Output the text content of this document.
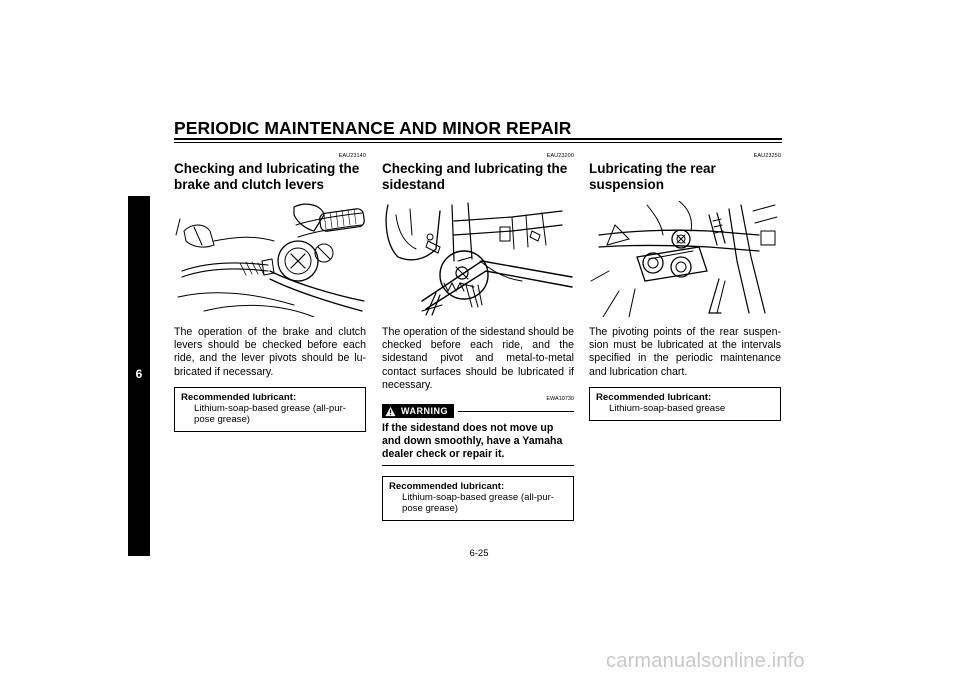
PERIODIC MAINTENANCE AND MINOR REPAIR
6
EAU23140
Checking and lubricating the brake and clutch levers
The operation of the brake and clutch levers should be checked before each ride, and the lever pivots should be lu-bricated if necessary.
Recommended lubricant:
Lithium-soap-based grease (all-pur-pose grease)
EAU23200
Checking and lubricating the sidestand
The operation of the sidestand should be checked before each ride, and the sidestand pivot and metal-to-metal contact surfaces should be lubricated if necessary.
EWA10730
WARNING
If the sidestand does not move up and down smoothly, have a Yamaha dealer check or repair it.
Recommended lubricant:
Lithium-soap-based grease (all-pur-pose grease)
EAU23250
Lubricating the rear suspension
The pivoting points of the rear suspen-sion must be lubricated at the intervals specified in the periodic maintenance and lubrication chart.
Recommended lubricant:
Lithium-soap-based grease
6-25
carmanualsonline.info
